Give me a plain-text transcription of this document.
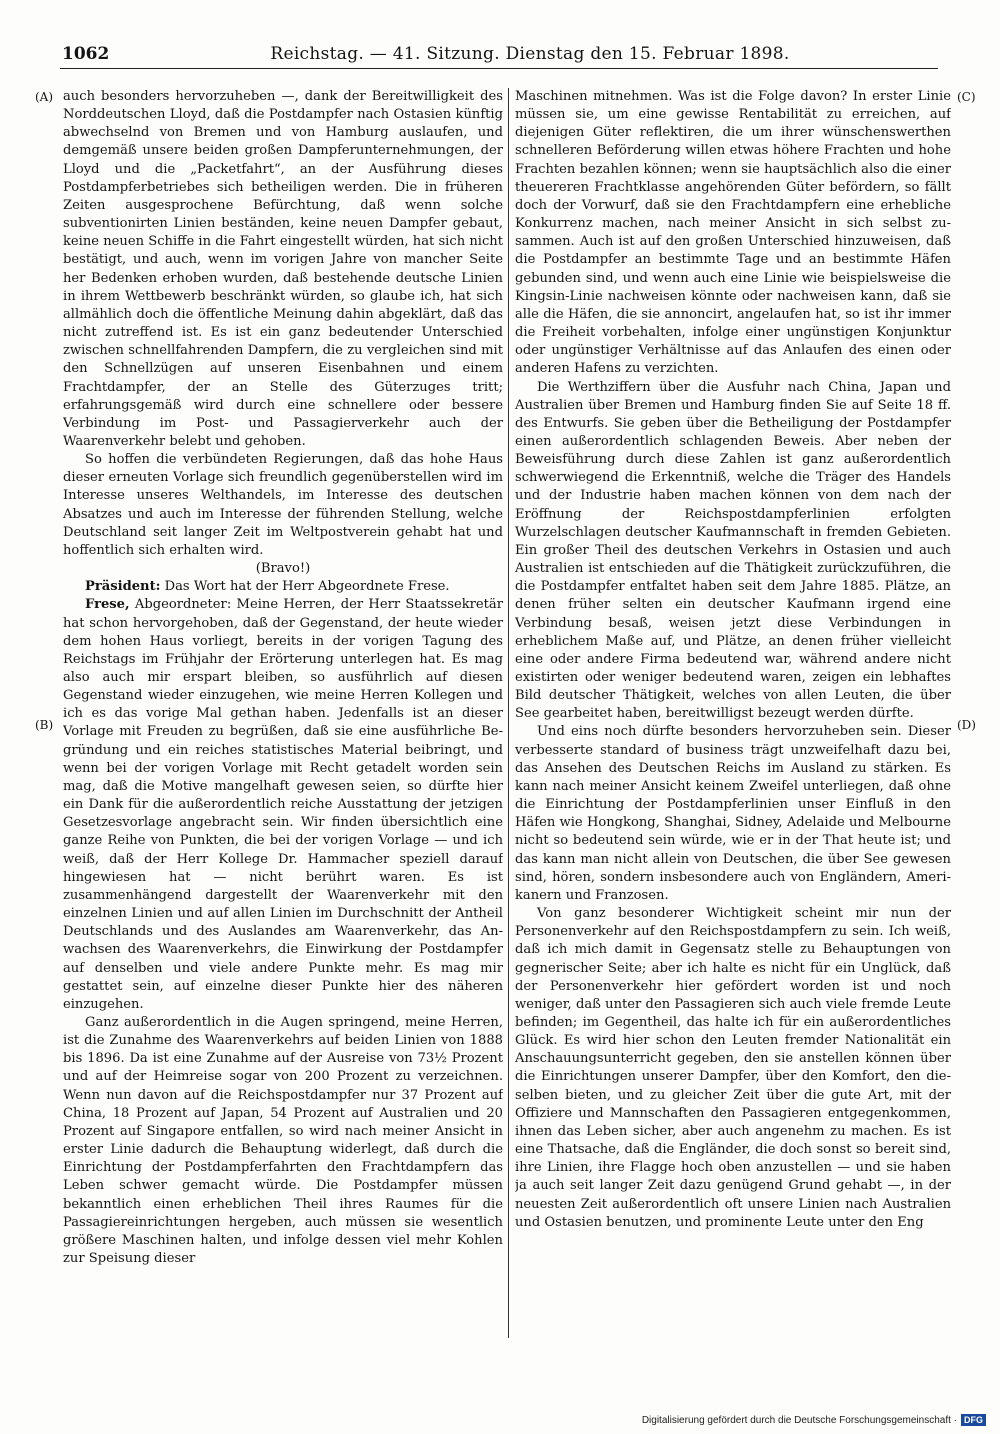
1062	Reichstag. — 41. Sitzung. Dienstag den 15. Februar 1898.
(A)
(B)
(C)
(D)

auch besonders hervorzuheben —, dank der Bereitwilligkeit des Norddeutschen Lloyd, daß die Postdampfer nach Ostasien künftig abwechselnd von Bremen und von Hamburg auslaufen, und demgemäß unsere beiden großen Dampferunternehmungen, der Lloyd und die „Packetfahrt“, an der Ausführung dieses Postdampferbetriebes sich betheiligen werden. Die in früheren Zeiten ausgesprochene Befürchtung, daß wenn solche subventionirten Linien beständen, keine neuen Dampfer gebaut, keine neuen Schiffe in die Fahrt eingestellt würden, hat sich nicht bestätigt, und auch, wenn im vorigen Jahre von mancher Seite her Bedenken erhoben wurden, daß bestehende deutsche Linien in ihrem Wettbewerb beschränkt würden, so glaube ich, hat sich allmählich doch die öffentliche Meinung dahin abgeklärt, daß das nicht zutreffend ist. Es ist ein ganz bedeutender Unterschied zwischen schnellfahrenden Dampfern, die zu vergleichen sind mit den Schnellzügen auf unseren Eisenbahnen und einem Frachtdampfer, der an Stelle des Güterzuges tritt; erfahrungsgemäß wird durch eine schnellere oder bessere Verbindung im Post- und Passagierverkehr auch der Waarenverkehr belebt und gehoben.

So hoffen die verbündeten Regierungen, daß das hohe Haus dieser erneuten Vorlage sich freundlich gegenüberstellen wird im Interesse unseres Welthandels, im Interesse des deutschen Absatzes und auch im Interesse der führenden Stellung, welche Deutschland seit langer Zeit im Weltpostverein gehabt hat und hoffentlich sich erhalten wird.

(Bravo!)

Präsident: Das Wort hat der Herr Abgeordnete Frese.

Frese, Abgeordneter: Meine Herren, der Herr Staatssekretär hat schon hervorgehoben, daß der Gegenstand, der heute wieder dem hohen Haus vorliegt, bereits in der vorigen Tagung des Reichstags im Frühjahr der Erörterung unterlegen hat. Es mag also auch mir erspart bleiben, so ausführlich auf diesen Gegenstand wieder einzugehen, wie meine Herren Kollegen und ich es das vorige Mal gethan haben. Jedenfalls ist an dieser Vorlage mit Freuden zu begrüßen, daß sie eine ausführliche Begründung und ein reiches statistisches Material beibringt, und wenn bei der vorigen Vorlage mit Recht getadelt worden sein mag, daß die Motive mangelhaft gewesen seien, so dürfte hier ein Dank für die außerordentlich reiche Ausstattung der jetzigen Gesetzesvorlage angebracht sein. Wir finden übersichtlich eine ganze Reihe von Punkten, die bei der vorigen Vorlage — und ich weiß, daß der Herr Kollege Dr. Hammacher speziell darauf hingewiesen hat — nicht berührt waren. Es ist zusammenhängend dargestellt der Waarenverkehr mit den einzelnen Linien und auf allen Linien im Durchschnitt der Antheil Deutschlands und des Auslandes am Waarenverkehr, das Anwachsen des Waarenverkehrs, die Einwirkung der Postdampfer auf denselben und viele andere Punkte mehr. Es mag mir gestattet sein, auf einzelne dieser Punkte hier des näheren einzugehen.

Ganz außerordentlich in die Augen springend, meine Herren, ist die Zunahme des Waarenverkehrs auf beiden Linien von 1888 bis 1896. Da ist eine Zunahme auf der Ausreise von 73½ Prozent und auf der Heimreise sogar von 200 Prozent zu verzeichnen. Wenn nun davon auf die Reichspostdampfer nur 37 Prozent auf China, 18 Prozent auf Japan, 54 Prozent auf Australien und 20 Prozent auf Singapore entfallen, so wird nach meiner Ansicht in erster Linie dadurch die Behauptung widerlegt, daß durch die Einrichtung der Postdampferfahrten den Frachtdampfern das Leben schwer gemacht würde. Die Postdampfer müssen bekanntlich einen erheblichen Theil ihres Raumes für die Passagiereinrichtungen hergeben, auch müssen sie wesentlich größere Maschinen halten, und infolge dessen viel mehr Kohlen zur Speisung dieser

Maschinen mitnehmen. Was ist die Folge davon? In erster Linie müssen sie, um eine gewisse Rentabilität zu erreichen, auf diejenigen Güter reflektiren, die um ihrer wünschenswerthen schnelleren Beförderung willen etwas höhere Frachten und hohe Frachten bezahlen können; wenn sie hauptsächlich also die einer theuereren Frachtklasse angehörenden Güter befördern, so fällt doch der Vorwurf, daß sie den Frachtdampfern eine erhebliche Konkurrenz machen, nach meiner Ansicht in sich selbst zusammen. Auch ist auf den großen Unterschied hinzuweisen, daß die Postdampfer an bestimmte Tage und an bestimmte Häfen gebunden sind, und wenn auch eine Linie wie beispielsweise die Kingsin-Linie nachweisen könnte oder nachweisen kann, daß sie alle die Häfen, die sie annoncirt, angelaufen hat, so ist ihr immer die Freiheit vorbehalten, infolge einer ungünstigen Konjunktur oder ungünstiger Verhältnisse auf das Anlaufen des einen oder anderen Hafens zu verzichten.

Die Werthziffern über die Ausfuhr nach China, Japan und Australien über Bremen und Hamburg finden Sie auf Seite 18 ff. des Entwurfs. Sie geben über die Betheiligung der Postdampfer einen außerordentlich schlagenden Beweis. Aber neben der Beweisführung durch diese Zahlen ist ganz außerordentlich schwerwiegend die Erkenntniß, welche die Träger des Handels und der Industrie haben machen können von dem nach der Eröffnung der Reichspostdampferlinien erfolgten Wurzelschlagen deutscher Kaufmannschaft in fremden Gebieten. Ein großer Theil des deutschen Verkehrs in Ostasien und auch Australien ist entschieden auf die Thätigkeit zurückzuführen, die die Postdampfer entfaltet haben seit dem Jahre 1885. Plätze, an denen früher selten ein deutscher Kaufmann irgend eine Verbindung besaß, weisen jetzt diese Verbindungen in erheblichem Maße auf, und Plätze, an denen früher vielleicht eine oder andere Firma bedeutend war, während andere nicht existirten oder weniger bedeutend waren, zeigen ein lebhaftes Bild deutscher Thätigkeit, welches von allen Leuten, die über See gearbeitet haben, bereitwilligst bezeugt werden dürfte.

Und eins noch dürfte besonders hervorzuheben sein. Dieser verbesserte standard of business trägt unzweifelhaft dazu bei, das Ansehen des Deutschen Reichs im Ausland zu stärken. Es kann nach meiner Ansicht keinem Zweifel unterliegen, daß ohne die Einrichtung der Postdampferlinien unser Einfluß in den Häfen wie Hongkong, Shanghai, Sidney, Adelaide und Melbourne nicht so bedeutend sein würde, wie er in der That heute ist; und das kann man nicht allein von Deutschen, die über See gewesen sind, hören, sondern insbesondere auch von Engländern, Amerikanern und Franzosen.

Von ganz besonderer Wichtigkeit scheint mir nun der Personenverkehr auf den Reichspostdampfern zu sein. Ich weiß, daß ich mich damit in Gegensatz stelle zu Behauptungen von gegnerischer Seite; aber ich halte es nicht für ein Unglück, daß der Personenverkehr hier gefördert worden ist und noch weniger, daß unter den Passagieren sich auch viele fremde Leute befinden; im Gegentheil, das halte ich für ein außerordentliches Glück. Es wird hier schon den Leuten fremder Nationalität ein Anschauungsunterricht gegeben, den sie anstellen können über die Einrichtungen unserer Dampfer, über den Komfort, den dieselben bieten, und zu gleicher Zeit über die gute Art, mit der Offiziere und Mannschaften den Passagieren entgegenkommen, ihnen das Leben sicher, aber auch angenehm zu machen. Es ist eine Thatsache, daß die Engländer, die doch sonst so bereit sind, ihre Linien, ihre Flagge hoch oben anzustellen — und sie haben ja auch seit langer Zeit dazu genügend Grund gehabt —, in der neuesten Zeit außerordentlich oft unsere Linien nach Australien und Ostasien benutzen, und prominente Leute unter den Eng

Digitalisierung gefördert durch die Deutsche Forschungsgemeinschaft · DFG
